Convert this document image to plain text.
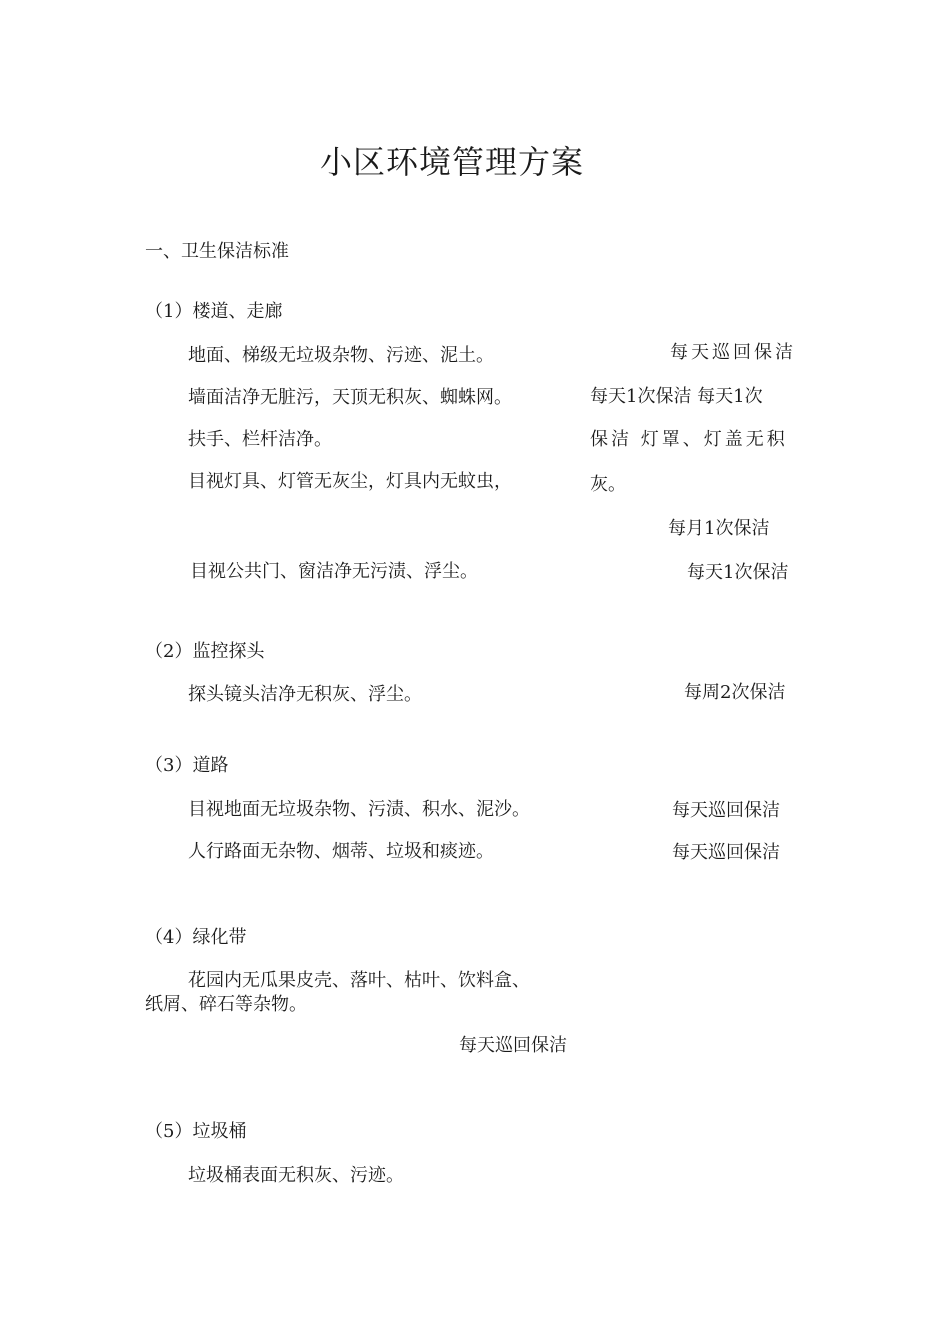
小区环境管理方案
一、卫生保洁标准
（1）楼道、走廊
地面、梯级无垃圾杂物、污迹、泥土。
墙面洁净无脏污，天顶无积灰、蜘蛛网。
扶手、栏杆洁净。
目视灯具、灯管无灰尘，灯具内无蚊虫，
目视公共门、窗洁净无污渍、浮尘。
每天巡回保洁
每天1次保洁 每天1次
保洁 灯罩、灯盖无积
灰。
每月1次保洁
每天1次保洁
（2）监控探头
探头镜头洁净无积灰、浮尘。	每周2次保洁
（3）道路
目视地面无垃圾杂物、污渍、积水、泥沙。
人行路面无杂物、烟蒂、垃圾和痰迹。
每天巡回保洁
每天巡回保洁
（4）绿化带
花园内无瓜果皮壳、落叶、枯叶、饮料盒、
纸屑、碎石等杂物。
每天巡回保洁
（5）垃圾桶
垃圾桶表面无积灰、污迹。
